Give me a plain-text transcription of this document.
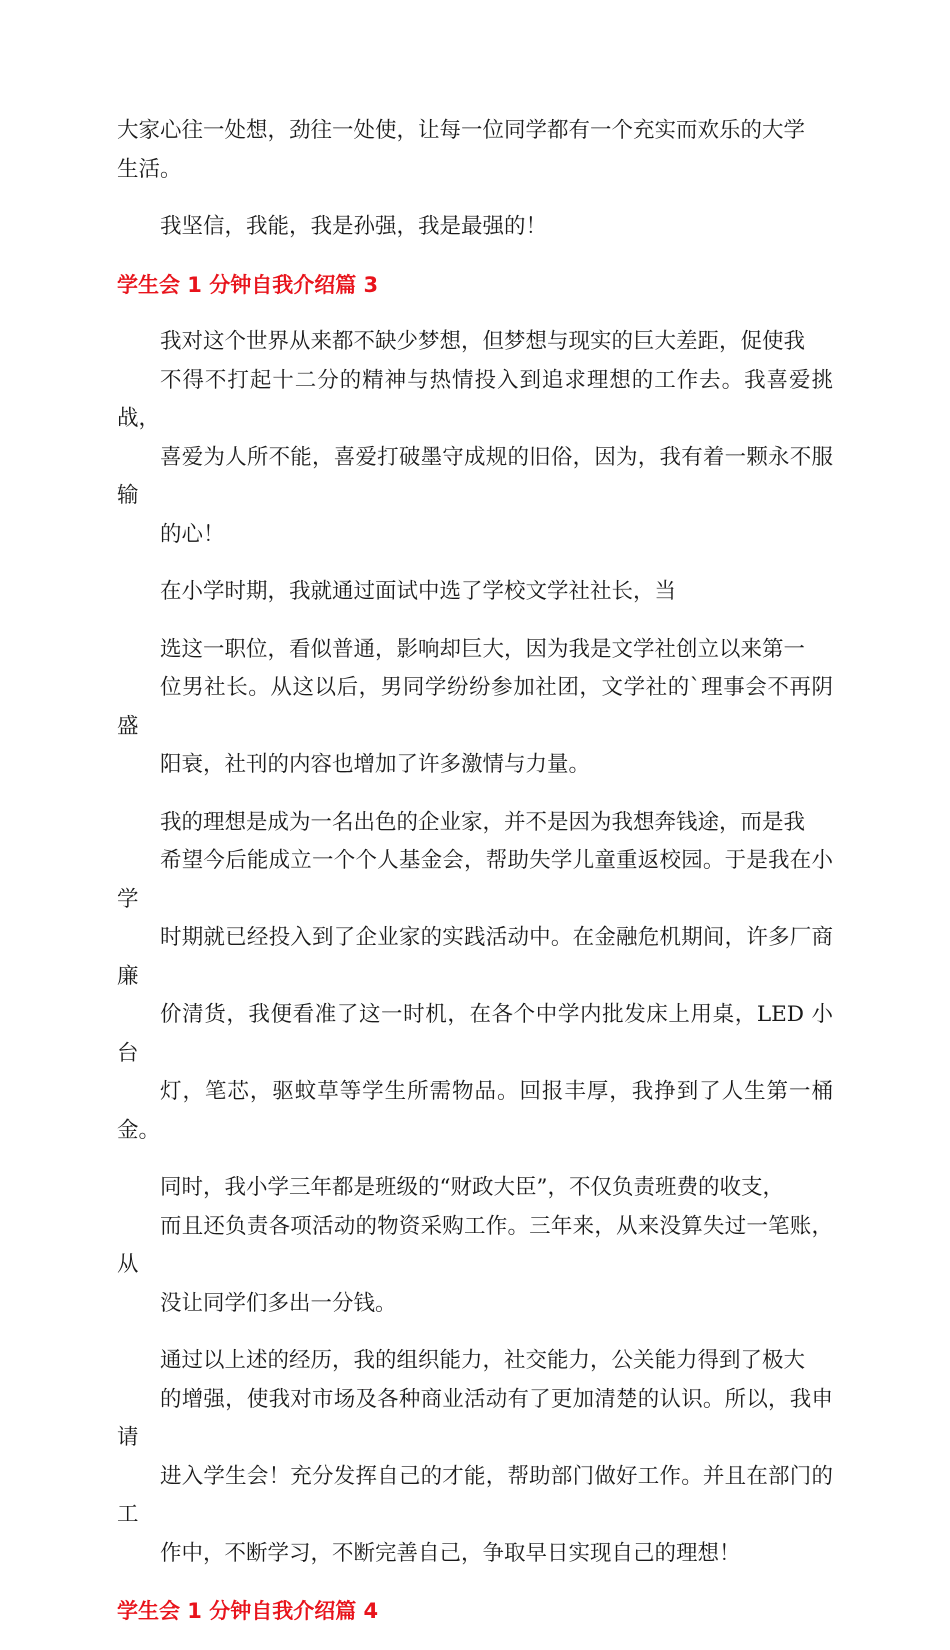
大家心往一处想，劲往一处使，让每一位同学都有一个充实而欢乐的大学
生活。
我坚信，我能，我是孙强，我是最强的！
学生会 1 分钟自我介绍篇 3
我对这个世界从来都不缺少梦想，但梦想与现实的巨大差距，促使我
不得不打起十二分的精神与热情投入到追求理想的工作去。我喜爱挑战，
喜爱为人所不能，喜爱打破墨守成规的旧俗，因为，我有着一颗永不服输
的心！
在小学时期，我就通过面试中选了学校文学社社长，当
选这一职位，看似普通，影响却巨大，因为我是文学社创立以来第一
位男社长。从这以后，男同学纷纷参加社团，文学社的`理事会不再阴盛
阳衰，社刊的内容也增加了许多激情与力量。
我的理想是成为一名出色的企业家，并不是因为我想奔钱途，而是我
希望今后能成立一个个人基金会，帮助失学儿童重返校园。于是我在小学
时期就已经投入到了企业家的实践活动中。在金融危机期间，许多厂商廉
价清货，我便看准了这一时机，在各个中学内批发床上用桌，LED 小台
灯，笔芯，驱蚊草等学生所需物品。回报丰厚，我挣到了人生第一桶金。
同时，我小学三年都是班级的“财政大臣”，不仅负责班费的收支，
而且还负责各项活动的物资采购工作。三年来，从来没算失过一笔账，从
没让同学们多出一分钱。
通过以上述的经历，我的组织能力，社交能力，公关能力得到了极大
的增强，使我对市场及各种商业活动有了更加清楚的认识。所以，我申请
进入学生会！充分发挥自己的才能，帮助部门做好工作。并且在部门的工
作中，不断学习，不断完善自己，争取早日实现自己的理想！
学生会 1 分钟自我介绍篇 4
